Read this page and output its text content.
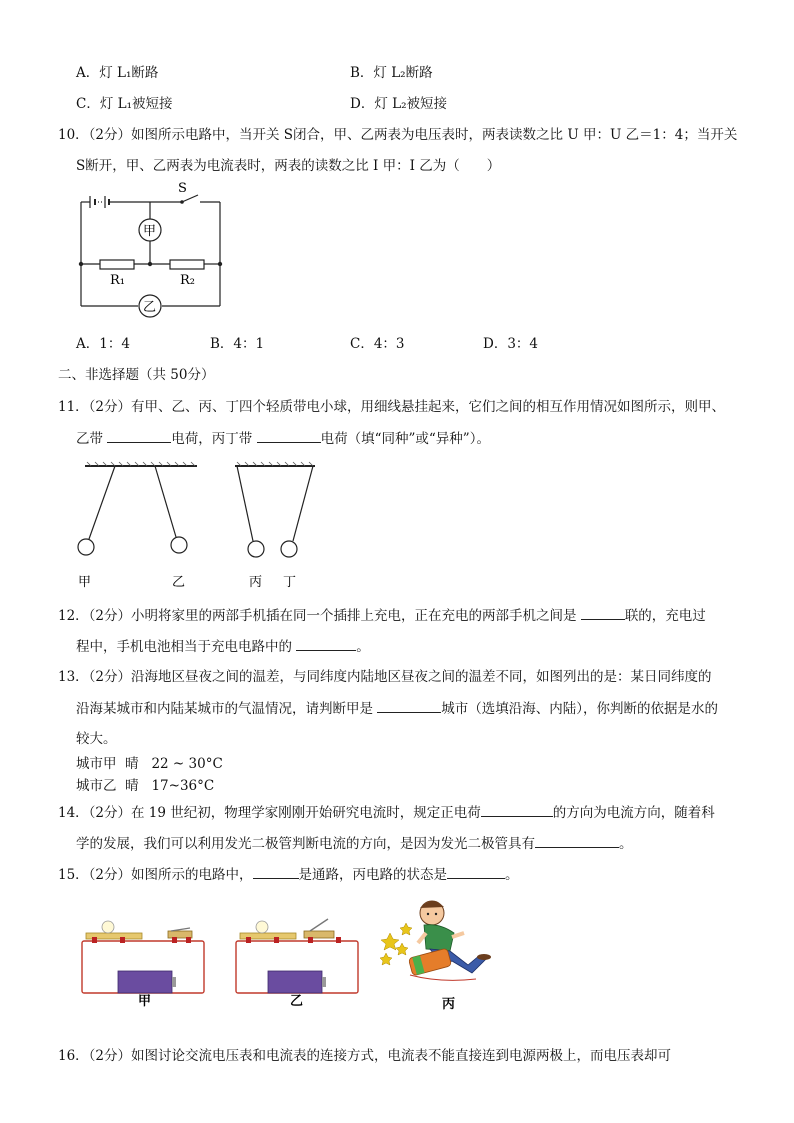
A．灯 L₁断路	B．灯 L₂断路
C．灯 L₁被短接	D．灯 L₂被短接
10．（2分）如图所示电路中，当开关 S闭合，甲、乙两表为电压表时，两表读数之比 U 甲：U 乙＝1：4；当开关
S断开，甲、乙两表为电流表时，两表的读数之比 I 甲：I 乙为（　　）
S
甲
乙
R₁	R₂
A．1：4	B．4：1	C．4：3	D．3：4
二、非选择题（共 50分）
11．（2分）有甲、乙、丙、丁四个轻质带电小球，用细线悬挂起来，它们之间的相互作用情况如图所示，则甲、
乙带	电荷，丙丁带	电荷（填“同种”或“异种”）。
甲	乙	丙 丁
12．（2分）小明将家里的两部手机插在同一个插排上充电，正在充电的两部手机之间是	联的，充电过
程中，手机电池相当于充电电路中的	。
13．（2分）沿海地区昼夜之间的温差，与同纬度内陆地区昼夜之间的温差不同，如图列出的是：某日同纬度的
沿海某城市和内陆某城市的气温情况，请判断甲是	城市（选填沿海、内陆），你判断的依据是水的
较大。
城市甲  晴   22 ~ 30°C
城市乙  晴   17~36°C
14．（2分）在 19 世纪初，物理学家刚刚开始研究电流时，规定正电荷	的方向为电流方向，随着科
学的发展，我们可以利用发光二极管判断电流的方向，是因为发光二极管具有	。
15．（2分）如图所示的电路中，	是通路，丙电路的状态是	。
甲	乙	丙
16．（2分）如图讨论交流电压表和电流表的连接方式，电流表不能直接连到电源两极上，而电压表却可
